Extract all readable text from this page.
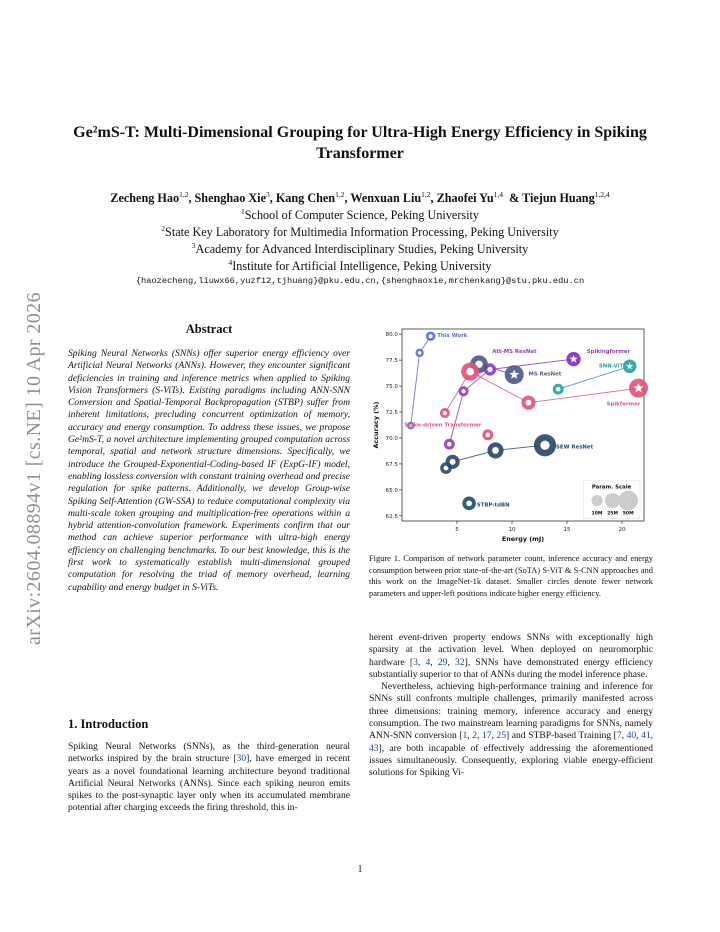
arXiv:2604.08894v1 [cs.NE] 10 Apr 2026
Ge²mS-T: Multi-Dimensional Grouping for Ultra-High Energy Efficiency in Spiking Transformer
Zecheng Hao$^{1,2}$, Shenghao Xie$^3$, Kang Chen$^{1,2}$, Wenxuan Liu$^{1,2}$, Zhaofei Yu$^{1,4}$  & Tiejun Huang$^{1,2,4}$
$^1$School of Computer Science, Peking University
$^2$State Key Laboratory for Multimedia Information Processing, Peking University
$^3$Academy for Advanced Interdisciplinary Studies, Peking University
$^4$Institute for Artificial Intelligence, Peking University
{haozecheng,liuwx66,yuzf12,tjhuang}@pku.edu.cn,{shenghaoxie,mrchenkang}@stu.pku.edu.cn
Abstract

Spiking Neural Networks (SNNs) offer superior energy efficiency over Artificial Neural Networks (ANNs). However, they encounter significant deficiencies in training and inference metrics when applied to Spiking Vision Transformers (S-ViTs). Existing paradigms including ANN-SNN Conversion and Spatial-Temporal Backpropagation (STBP) suffer from inherent limitations, precluding concurrent optimization of memory, accuracy and energy consumption. To address these issues, we propose Ge²mS-T, a novel architecture implementing grouped computation across temporal, spatial and network structure dimensions. Specifically, we introduce the Grouped-Exponential-Coding-based IF (ExpG-IF) model, enabling lossless conversion with constant training overhead and precise regulation for spike patterns. Additionally, we develop Group-wise Spiking Self-Attention (GW-SSA) to reduce computational complexity via multi-scale token grouping and multiplication-free operations within a hybrid attention-convolution framework. Experiments confirm that our method can achieve superior performance with ultra-high energy efficiency on challenging benchmarks. To our best knowledge, this is the first work to systematically establish multi-dimensional grouped computation for resolving the triad of memory overhead, learning capability and energy budget in S-ViTs.

1. Introduction

Spiking Neural Networks (SNNs), as the third-generation neural networks inspired by the brain structure [30], have emerged in recent years as a novel foundational learning architecture beyond traditional Artificial Neural Networks (ANNs). Since each spiking neuron emits spikes to the post-synaptic layer only when its accumulated membrane potential after charging exceeds the firing threshold, this in-

62.5
65.0
67.5
70.0
72.5
75.0
77.5
80.0
5	10	15	20
Energy (mJ)
Accuracy (%)
This Work
Att-MS ResNet
MS ResNet
Spikingformer
SNN-ViT
Spikformer
Spike-driven Transformer
SEW ResNet
STBP-tdBN
Param. Scale
10M 25M 50M

Figure 1. Comparison of network parameter count, inference accuracy and energy consumption between prior state-of-the-art (SoTA) S-ViT & S-CNN approaches and this work on the ImageNet-1k dataset. Smaller circles denote fewer network parameters and upper-left positions indicate higher energy efficiency.

herent event-driven property endows SNNs with exceptionally high sparsity at the activation level. When deployed on neuromorphic hardware [3, 4, 29, 32], SNNs have demonstrated energy efficiency substantially superior to that of ANNs during the model inference phase.
Nevertheless, achieving high-performance training and inference for SNNs still confronts multiple challenges, primarily manifested across three dimensions: training memory, inference accuracy and energy consumption. The two mainstream learning paradigms for SNNs, namely ANN-SNN conversion [1, 2, 17, 25] and STBP-based Training [7, 40, 41, 43], are both incapable of effectively addressing the aforementioned issues simultaneously. Consequently, exploring viable energy-efficient solutions for Spiking Vi-

1
